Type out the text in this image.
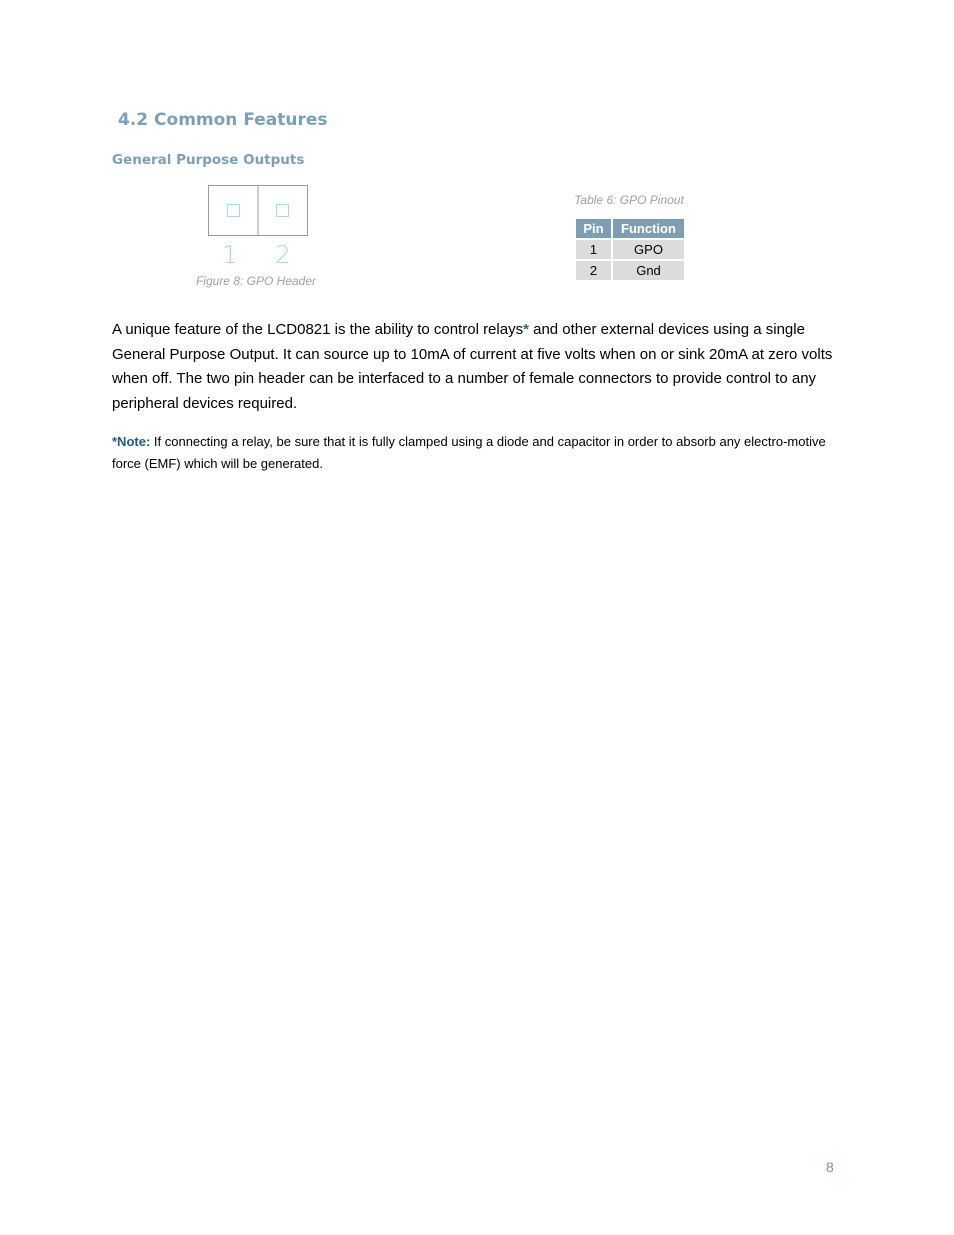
4.2 Common Features
General Purpose Outputs
1 2
Figure 8: GPO Header
Table 6: GPO Pinout
Pin	Function
1	GPO
2	Gnd

A unique feature of the LCD0821 is the ability to control relays* and other external devices using a single General Purpose Output. It can source up to 10mA of current at five volts when on or sink 20mA at zero volts when off. The two pin header can be interfaced to a number of female connectors to provide control to any peripheral devices required.

*Note: If connecting a relay, be sure that it is fully clamped using a diode and capacitor in order to absorb any electro-motive force (EMF) which will be generated.

8
